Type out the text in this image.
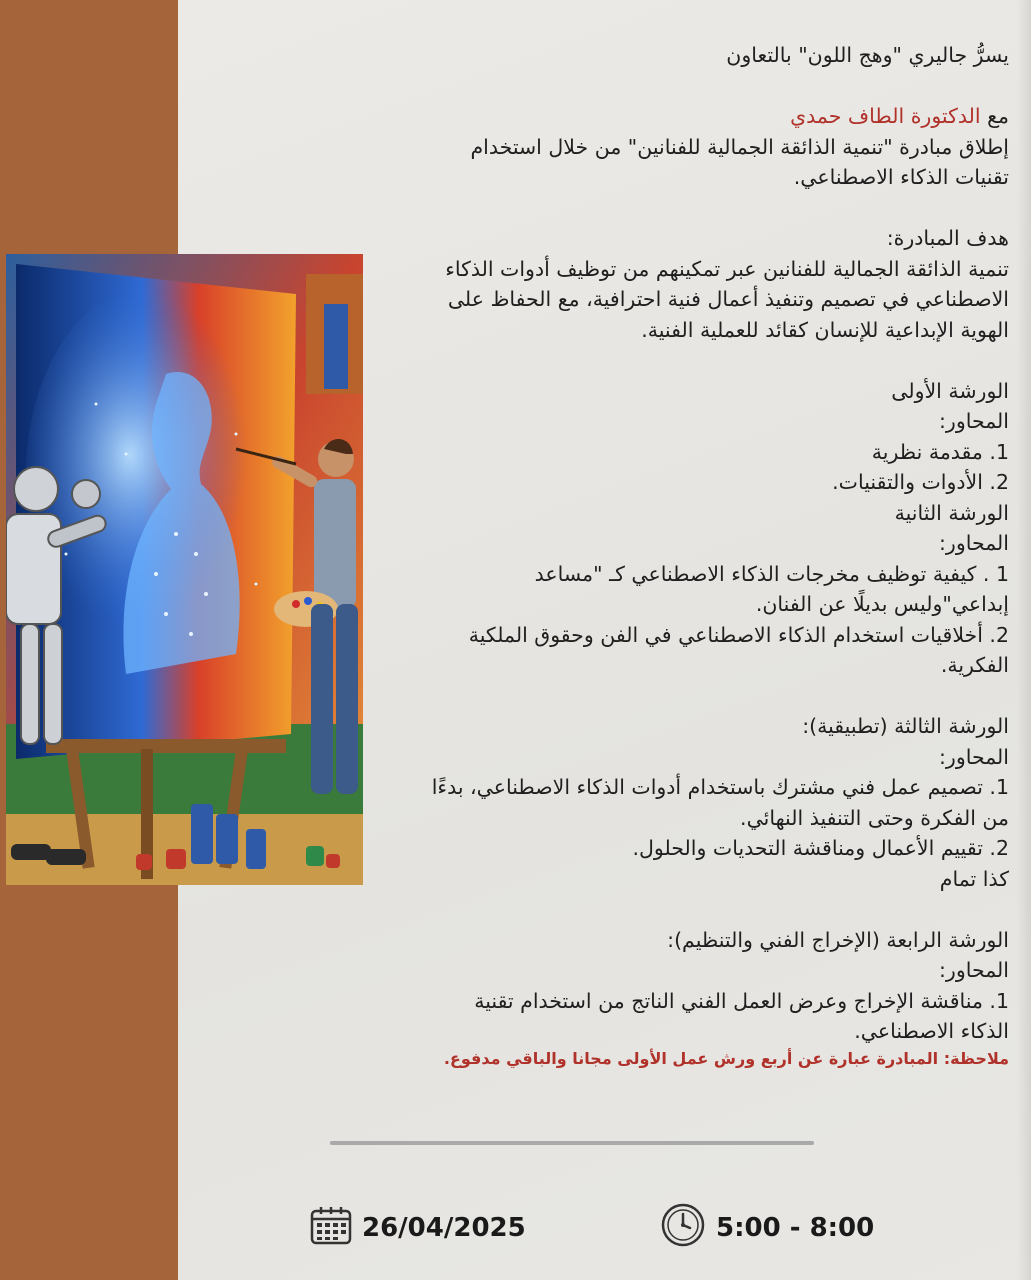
يسرُّ جاليري "وهج اللون" بالتعاون

مع الدكتورة الطاف حمدي

إطلاق مبادرة "تنمية الذائقة الجمالية للفنانين" من خلال استخدام

تقنيات الذكاء الاصطناعي.

هدف المبادرة:

تنمية الذائقة الجمالية للفنانين عبر تمكينهم من توظيف أدوات الذكاء

الاصطناعي في تصميم وتنفيذ أعمال فنية احترافية، مع الحفاظ على

الهوية الإبداعية للإنسان كقائد للعملية الفنية.

الورشة الأولى

المحاور:

1. مقدمة نظرية

2. الأدوات والتقنيات.

الورشة الثانية

المحاور:

1 . كيفية توظيف مخرجات الذكاء الاصطناعي كـ "مساعد

إبداعي"وليس بديلًا عن الفنان.

2. أخلاقيات استخدام الذكاء الاصطناعي في الفن وحقوق الملكية

الفكرية.

الورشة الثالثة (تطبيقية):

المحاور:

1. تصميم عمل فني مشترك باستخدام أدوات الذكاء الاصطناعي، بدءًا

من الفكرة وحتى التنفيذ النهائي.

2. تقييم الأعمال ومناقشة التحديات والحلول.

كذا تمام

الورشة الرابعة (الإخراج الفني والتنظيم):

المحاور:

1. مناقشة الإخراج وعرض العمل الفني الناتج من استخدام تقنية

الذكاء الاصطناعي.

ملاحظة: المبادرة عبارة عن أربع ورش عمل الأولى مجانا والباقي مدفوع.

26/04/2025	5:00 - 8:00
